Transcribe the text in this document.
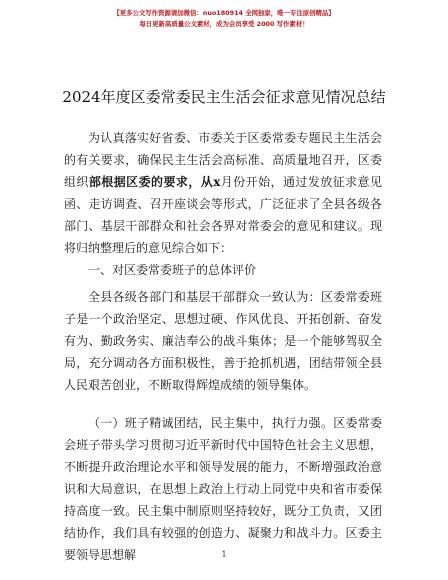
【更多公文写作资源请加微信：nuo180914 全网独家，唯一专注原创精品】
每日更新高质量公文素材，成为会员享受 2000 写作素材！
2024年度区委常委民主生活会征求意见情况总结

为认真落实好省委、市委关于区委常委专题民主生活会的有关要求，确保民主生活会高标准、高质量地召开，区委组织部根据区委的要求，从x月份开始，通过发放征求意见函、走访调查、召开座谈会等形式，广泛征求了全县各级各部门、基层干部群众和社会各界对常委会的意见和建议。现将归纳整理后的意见综合如下：

一、对区委常委班子的总体评价

全县各级各部门和基层干部群众一致认为：区委常委班子是一个政治坚定、思想过硬、作风优良、开拓创新、奋发有为、勤政务实、廉洁奉公的战斗集体；是一个能够驾驭全局，充分调动各方面积极性，善于抢抓机遇，团结带领全县人民艰苦创业，不断取得辉煌成绩的领导集体。

（一）班子精诚团结，民主集中，执行力强。区委常委会班子带头学习贯彻习近平新时代中国特色社会主义思想，不断提升政治理论水平和领导发展的能力，不断增强政治意识和大局意识，在思想上政治上行动上同党中央和省市委保持高度一致。民主集中制原则坚持较好，既分工负责，又团结协作，我们具有较强的创造力、凝聚力和战斗力。区委主要领导思想解	1
